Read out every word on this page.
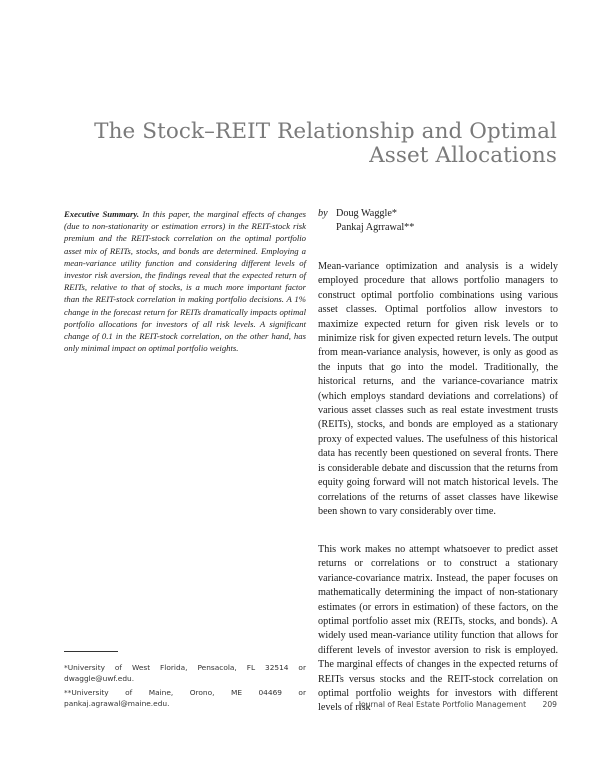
The Stock–REIT Relationship and Optimal
Asset Allocations
Executive Summary. In this paper, the marginal effects of changes (due to non-stationarity or estimation errors) in the REIT-stock risk premium and the REIT-stock correlation on the optimal portfolio asset mix of REITs, stocks, and bonds are determined. Employing a mean-variance utility function and considering different levels of investor risk aversion, the findings reveal that the expected return of REITs, relative to that of stocks, is a much more important factor than the REIT-stock correlation in making portfolio decisions. A 1% change in the forecast return for REITs dramatically impacts optimal portfolio allocations for investors of all risk levels. A significant change of 0.1 in the REIT-stock correlation, on the other hand, has only minimal impact on optimal portfolio weights.
by Doug Waggle*
Pankaj Agrrawal**
Mean-variance optimization and analysis is a widely employed procedure that allows portfolio managers to construct optimal portfolio combinations using various asset classes. Optimal portfolios allow investors to maximize expected return for given risk levels or to minimize risk for given expected return levels. The output from mean-variance analysis, however, is only as good as the inputs that go into the model. Traditionally, the historical returns, and the variance-covariance matrix (which employs standard deviations and correlations) of various asset classes such as real estate investment trusts (REITs), stocks, and bonds are employed as a stationary proxy of expected values. The usefulness of this historical data has recently been questioned on several fronts. There is considerable debate and discussion that the returns from equity going forward will not match historical levels. The correlations of the returns of asset classes have likewise been shown to vary considerably over time.
This work makes no attempt whatsoever to predict asset returns or correlations or to construct a stationary variance-covariance matrix. Instead, the paper focuses on mathematically determining the impact of non-stationary estimates (or errors in estimation) of these factors, on the optimal portfolio asset mix (REITs, stocks, and bonds). A widely used mean-variance utility function that allows for different levels of investor aversion to risk is employed. The marginal effects of changes in the expected returns of REITs versus stocks and the REIT-stock correlation on optimal portfolio weights for investors with different levels of risk
*University of West Florida, Pensacola, FL 32514 or dwaggle@uwf.edu.
**University of Maine, Orono, ME 04469 or pankaj.agrawal@maine.edu.	Journal of Real Estate Portfolio Management 209
